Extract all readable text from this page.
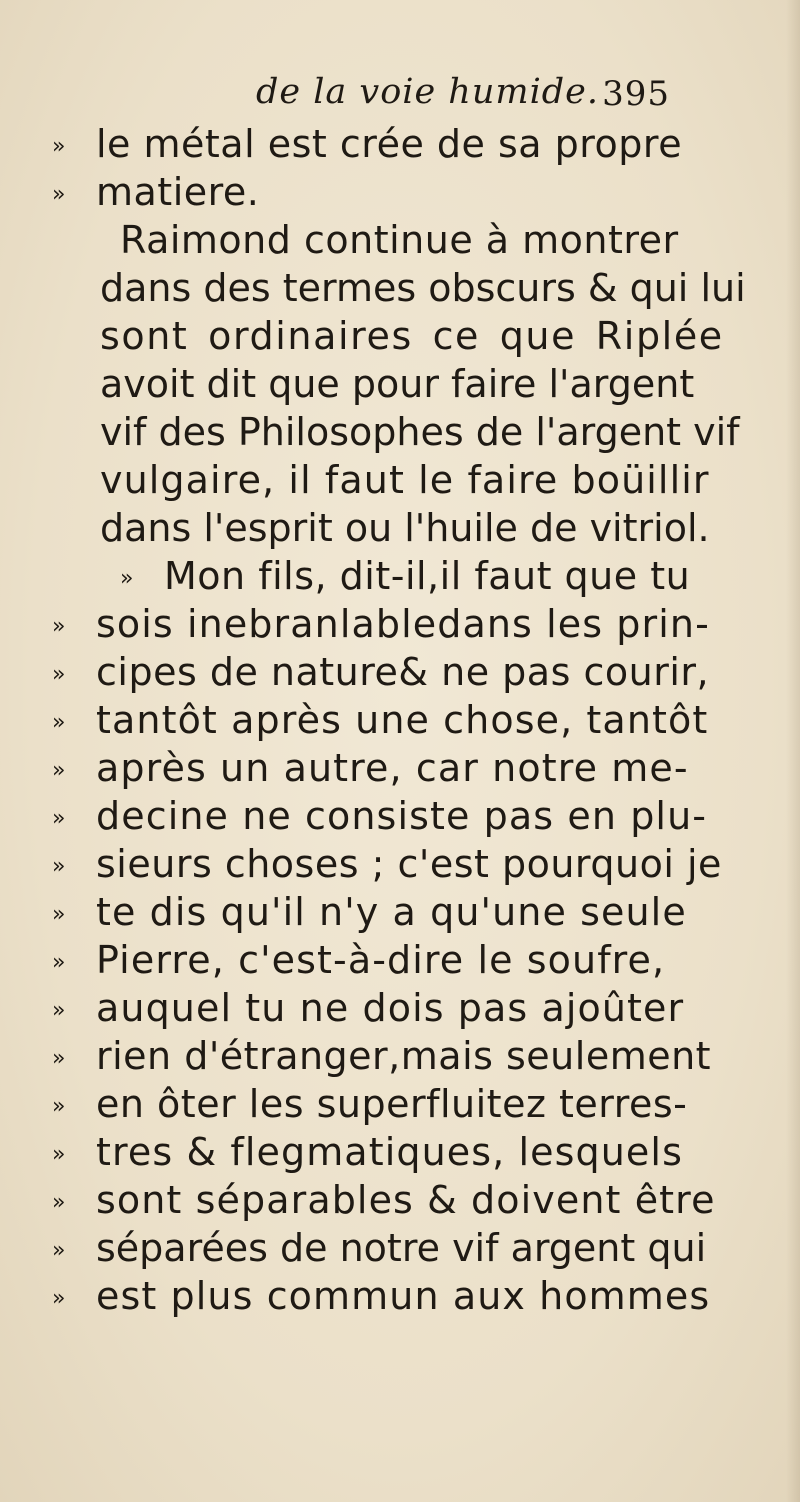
de la voie humide. 395
» le métal est crée de sa propre
» matiere.
Raimond continue à montrer
dans des termes obscurs & qui lui
sont ordinaires ce que Riplée
avoit dit que pour faire l'argent
vif des Philosophes de l'argent vif
vulgaire, il faut le faire boüillir
dans l'esprit ou l'huile de vitriol.
» Mon fils, dit-il,il faut que tu
» sois inebranlabledans les prin-
» cipes de nature& ne pas courir,
» tantôt après une chose, tantôt
» après un autre, car notre me-
» decine ne consiste pas en plu-
» sieurs choses ; c'est pourquoi je
» te dis qu'il n'y a qu'une seule
» Pierre, c'est-à-dire le soufre,
» auquel tu ne dois pas ajoûter
» rien d'étranger,mais seulement
» en ôter les superfluitez terres-
» tres & flegmatiques, lesquels
» sont séparables & doivent être
» séparées de notre vif argent qui
» est plus commun aux hommes
